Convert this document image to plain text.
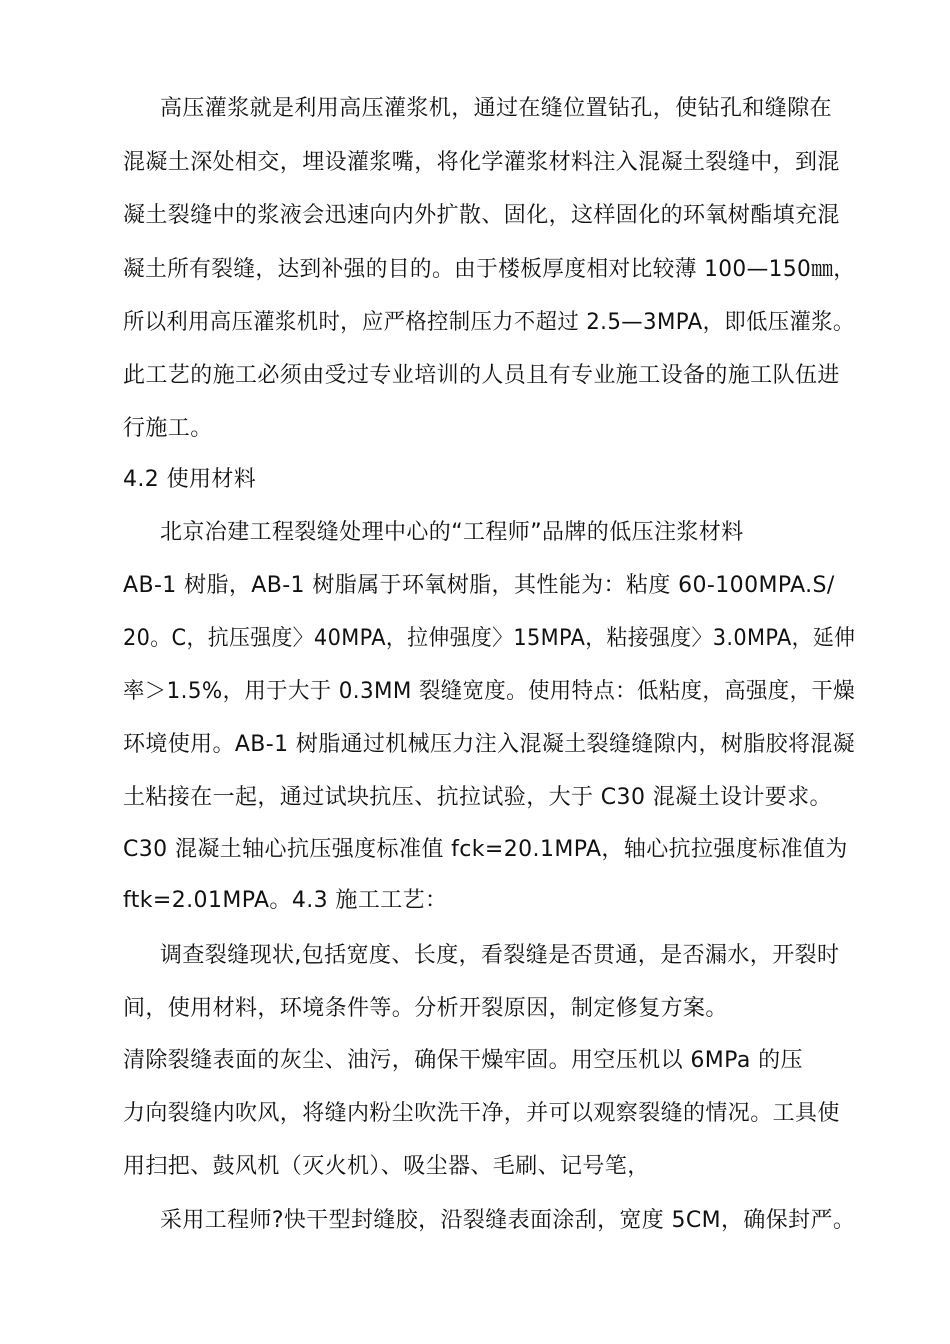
高压灌浆就是利用高压灌浆机，通过在缝位置钻孔，使钻孔和缝隙在
混凝土深处相交，埋设灌浆嘴，将化学灌浆材料注入混凝土裂缝中，到混
凝土裂缝中的浆液会迅速向内外扩散、固化，这样固化的环氧树酯填充混
凝土所有裂缝，达到补强的目的。由于楼板厚度相对比较薄 100—150㎜，
所以利用高压灌浆机时，应严格控制压力不超过 2.5—3MPA，即低压灌浆。
此工艺的施工必须由受过专业培训的人员且有专业施工设备的施工队伍进
行施工。
4.2 使用材料
北京冶建工程裂缝处理中心的“工程师”品牌的低压注浆材料
AB-1 树脂，AB-1 树脂属于环氧树脂，其性能为：粘度 60-100MPA.S/
20。C，抗压强度〉40MPA，拉伸强度〉15MPA，粘接强度〉3.0MPA，延伸
率＞1.5%，用于大于 0.3MM 裂缝宽度。使用特点：低粘度，高强度，干燥
环境使用。AB-1 树脂通过机械压力注入混凝土裂缝缝隙内，树脂胶将混凝
土粘接在一起，通过试块抗压、抗拉试验，大于 C30 混凝土设计要求。
C30 混凝土轴心抗压强度标准值 fck=20.1MPA，轴心抗拉强度标准值为
ftk=2.01MPA。4.3 施工工艺：
调查裂缝现状,包括宽度、长度，看裂缝是否贯通，是否漏水，开裂时
间，使用材料，环境条件等。分析开裂原因，制定修复方案。
清除裂缝表面的灰尘、油污，确保干燥牢固。用空压机以 6MPa 的压
力向裂缝内吹风，将缝内粉尘吹洗干净，并可以观察裂缝的情况。工具使
用扫把、鼓风机（灭火机）、吸尘器、毛刷、记号笔，
采用工程师?快干型封缝胶，沿裂缝表面涂刮，宽度 5CM，确保封严。
